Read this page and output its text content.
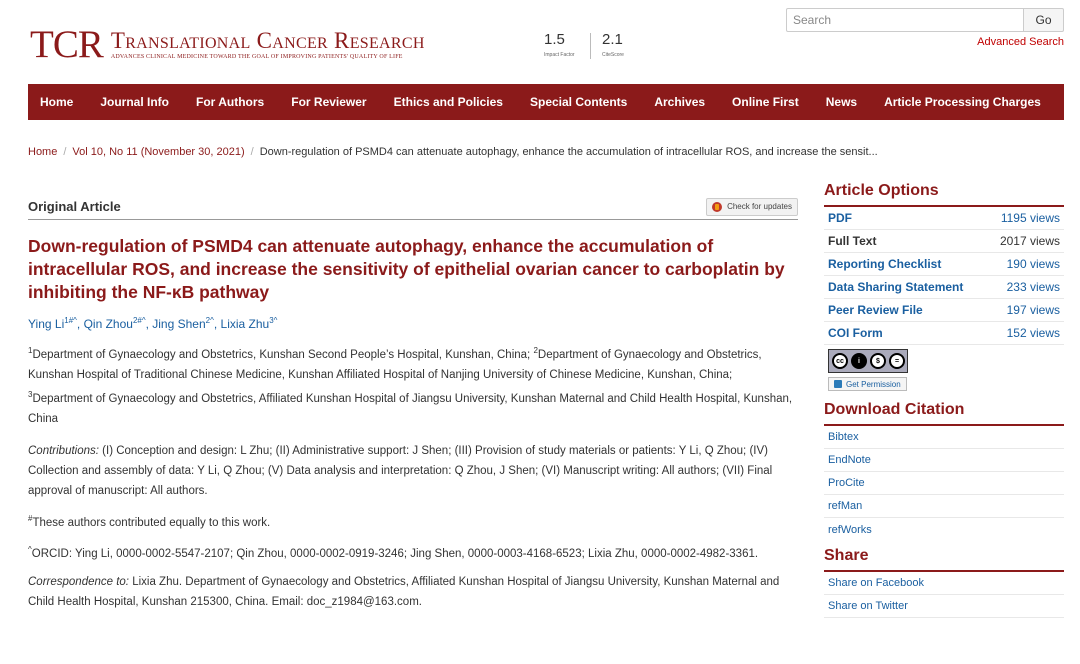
TCR Translational Cancer Research
ADVANCES CLINICAL MEDICINE TOWARD THE GOAL OF IMPROVING PATIENTS' QUALITY OF LIFE
1.5
Impact Factor
2.1
CiteScore
Search
Go
Advanced Search
Home Journal Info For Authors For Reviewer Ethics and Policies Special Contents Archives Online First News Article Processing Charges
Home / Vol 10, No 11 (November 30, 2021) / Down-regulation of PSMD4 can attenuate autophagy, enhance the accumulation of intracellular ROS, and increase the sensit...
Original Article	Check for updates
Down-regulation of PSMD4 can attenuate autophagy, enhance the accumulation of intracellular ROS, and increase the sensitivity of epithelial ovarian cancer to carboplatin by inhibiting the NF-κB pathway
Ying $Li^{1\#\^{}}$, Qin Zhou$^{2\#\^{}}$, Jing Shen$^{2\^{}}$, Lixia Zhu$^{3\^{}}$

$^1$Department of Gynaecology and Obstetrics, Kunshan Second People’s Hospital, Kunshan, China; $^2$Department of Gynaecology and Obstetrics, Kunshan Hospital of Traditional Chinese Medicine, Kunshan Affiliated Hospital of Nanjing University of Chinese Medicine, Kunshan, China; $^3$Department of Gynaecology and Obstetrics, Affiliated Kunshan Hospital of Jiangsu University, Kunshan Maternal and Child Health Hospital, Kunshan, China

Contributions: (I) Conception and design: L Zhu; (II) Administrative support: J Shen; (III) Provision of study materials or patients: Y Li, Q Zhou; (IV) Collection and assembly of data: Y Li, Q Zhou; (V) Data analysis and interpretation: Q Zhou, J Shen; (VI) Manuscript writing: All authors; (VII) Final approval of manuscript: All authors.

#These authors contributed equally to this work.

^ORCID: Ying Li, 0000-0002-5547-2107; Qin Zhou, 0000-0002-0919-3246; Jing Shen, 0000-0003-4168-6523; Lixia Zhu, 0000-0002-4982-3361.

Correspondence to: Lixia Zhu. Department of Gynaecology and Obstetrics, Affiliated Kunshan Hospital of Jiangsu University, Kunshan Maternal and Child Health Hospital, Kunshan 215300, China. Email: doc_z1984@163.com.

Article Options
PDF	1195 views
Full Text	2017 views
Reporting Checklist	190 views
Data Sharing Statement	233 views
Peer Review File	197 views
COI Form	152 views
cc	i	$	=
Get Permission
Download Citation
Bibtex
EndNote
ProCite
refMan
refWorks
Share
Share on Facebook
Share on Twitter
